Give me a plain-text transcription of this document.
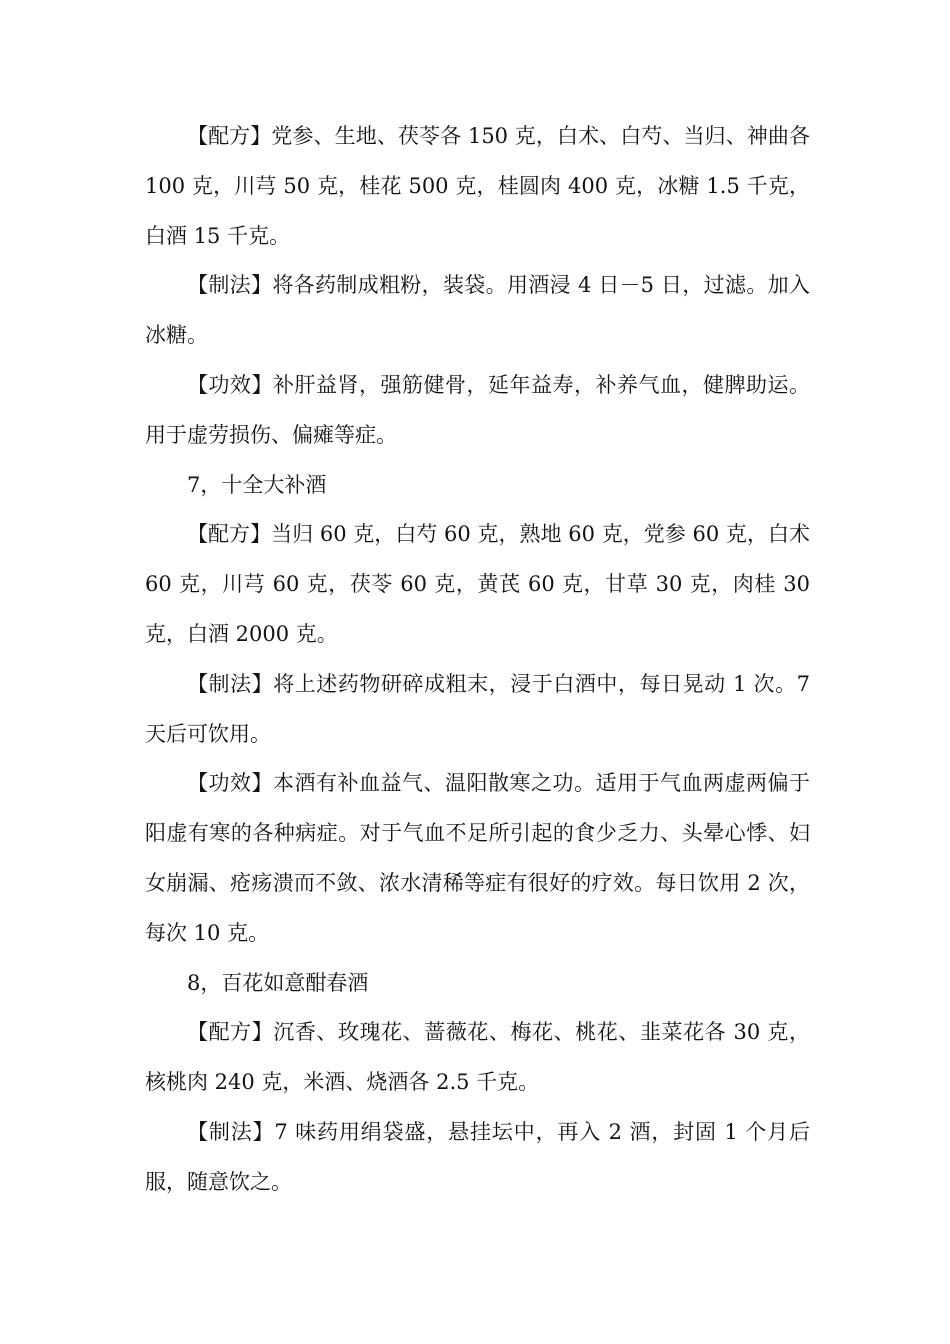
【配方】党参、生地、茯苓各 150 克，白术、白芍、当归、神曲各 100 克，川芎 50 克，桂花 500 克，桂圆肉 400 克，冰糖 1.5 千克，白酒 15 千克。

【制法】将各药制成粗粉，装袋。用酒浸 4 日－5 日，过滤。加入冰糖。

【功效】补肝益肾，强筋健骨，延年益寿，补养气血，健脾助运。用于虚劳损伤、偏瘫等症。

7，十全大补酒

【配方】当归 60 克，白芍 60 克，熟地 60 克，党参 60 克，白术 60 克，川芎 60 克，茯苓 60 克，黄芪 60 克，甘草 30 克，肉桂 30 克，白酒 2000 克。

【制法】将上述药物研碎成粗末，浸于白酒中，每日晃动 1 次。7 天后可饮用。

【功效】本酒有补血益气、温阳散寒之功。适用于气血两虚两偏于阳虚有寒的各种病症。对于气血不足所引起的食少乏力、头晕心悸、妇女崩漏、疮疡溃而不敛、浓水清稀等症有很好的疗效。每日饮用 2 次，每次 10 克。

8，百花如意酣春酒

【配方】沉香、玫瑰花、蔷薇花、梅花、桃花、韭菜花各 30 克，核桃肉 240 克，米酒、烧酒各 2.5 千克。

【制法】7 味药用绢袋盛，悬挂坛中，再入 2 酒，封固 1 个月后服，随意饮之。
